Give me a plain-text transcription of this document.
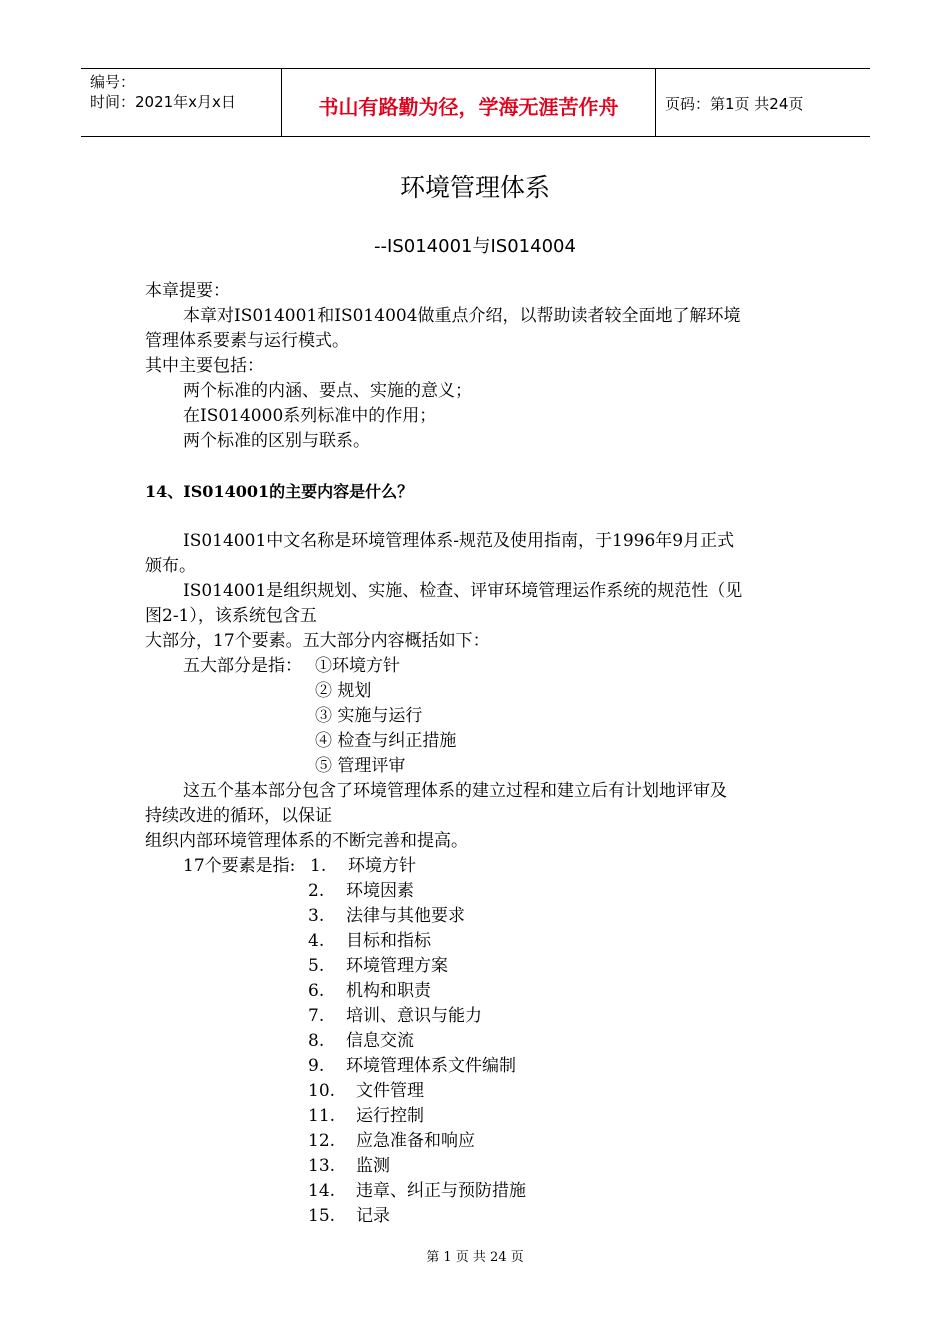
编号：
时间：2021年x月x日	书山有路勤为径，学海无涯苦作舟	页码：第1页 共24页
环境管理体系
--IS014001与IS014004
本章提要：
本章对IS014001和IS014004做重点介绍，以帮助读者较全面地了解环境
管理体系要素与运行模式。
其中主要包括：
两个标准的内涵、要点、实施的意义；
在IS014000系列标准中的作用；
两个标准的区别与联系。
14、IS014001的主要内容是什么？
IS014001中文名称是环境管理体系-规范及使用指南，于1996年9月正式
颁布。
IS014001是组织规划、实施、检查、评审环境管理运作系统的规范性（见
图2-1），该系统包含五
大部分，17个要素。五大部分内容概括如下：
五大部分是指： ①环境方针
② 规划
③ 实施与运行
④ 检查与纠正措施
⑤ 管理评审
这五个基本部分包含了环境管理体系的建立过程和建立后有计划地评审及
持续改进的循环，以保证
组织内部环境管理体系的不断完善和提高。
17个要素是指: 1. 环境方针
2. 环境因素
3. 法律与其他要求
4. 目标和指标
5. 环境管理方案
6. 机构和职责
7. 培训、意识与能力
8. 信息交流
9. 环境管理体系文件编制
10. 文件管理
11. 运行控制
12. 应急准备和响应
13. 监测
14. 违章、纠正与预防措施
15. 记录
第 1 页 共 24 页
